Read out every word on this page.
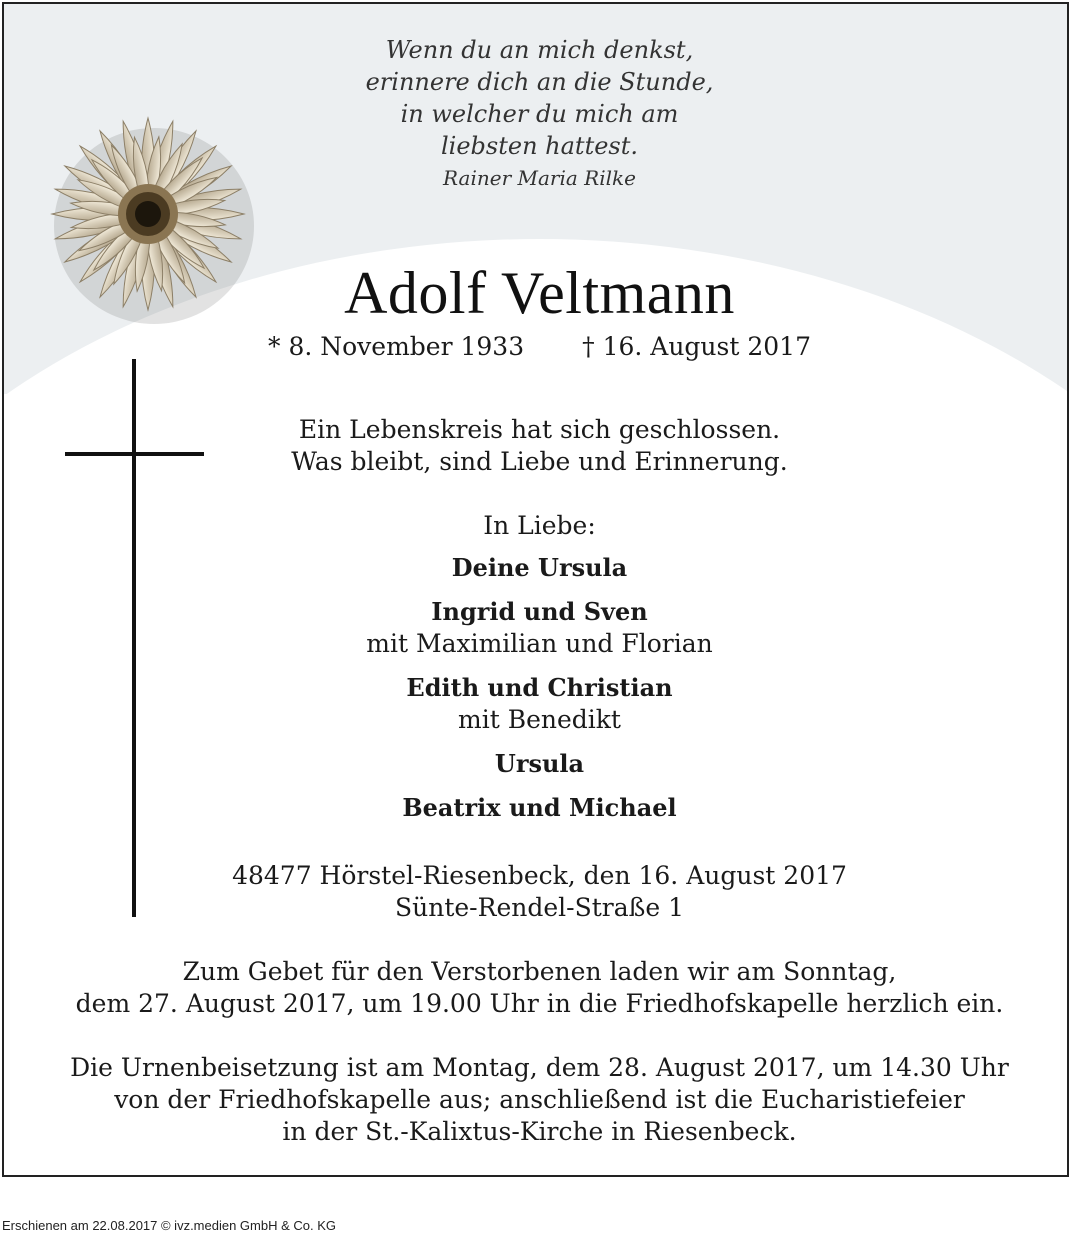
Wenn du an mich denkst,
erinnere dich an die Stunde,
in welcher du mich am
liebsten hattest.
Rainer Maria Rilke
Adolf Veltmann
* 8. November 1933 † 16. August 2017
Ein Lebenskreis hat sich geschlossen.
Was bleibt, sind Liebe und Erinnerung.
In Liebe:
Deine Ursula
Ingrid und Sven
mit Maximilian und Florian
Edith und Christian
mit Benedikt
Ursula
Beatrix und Michael
48477 Hörstel-Riesenbeck, den 16. August 2017
Sünte-Rendel-Straße 1
Zum Gebet für den Verstorbenen laden wir am Sonntag,
dem 27. August 2017, um 19.00 Uhr in die Friedhofskapelle herzlich ein.
Die Urnenbeisetzung ist am Montag, dem 28. August 2017, um 14.30 Uhr
von der Friedhofskapelle aus; anschließend ist die Eucharistiefeier
in der St.-Kalixtus-Kirche in Riesenbeck.
Erschienen am 22.08.2017 © ivz.medien GmbH & Co. KG
